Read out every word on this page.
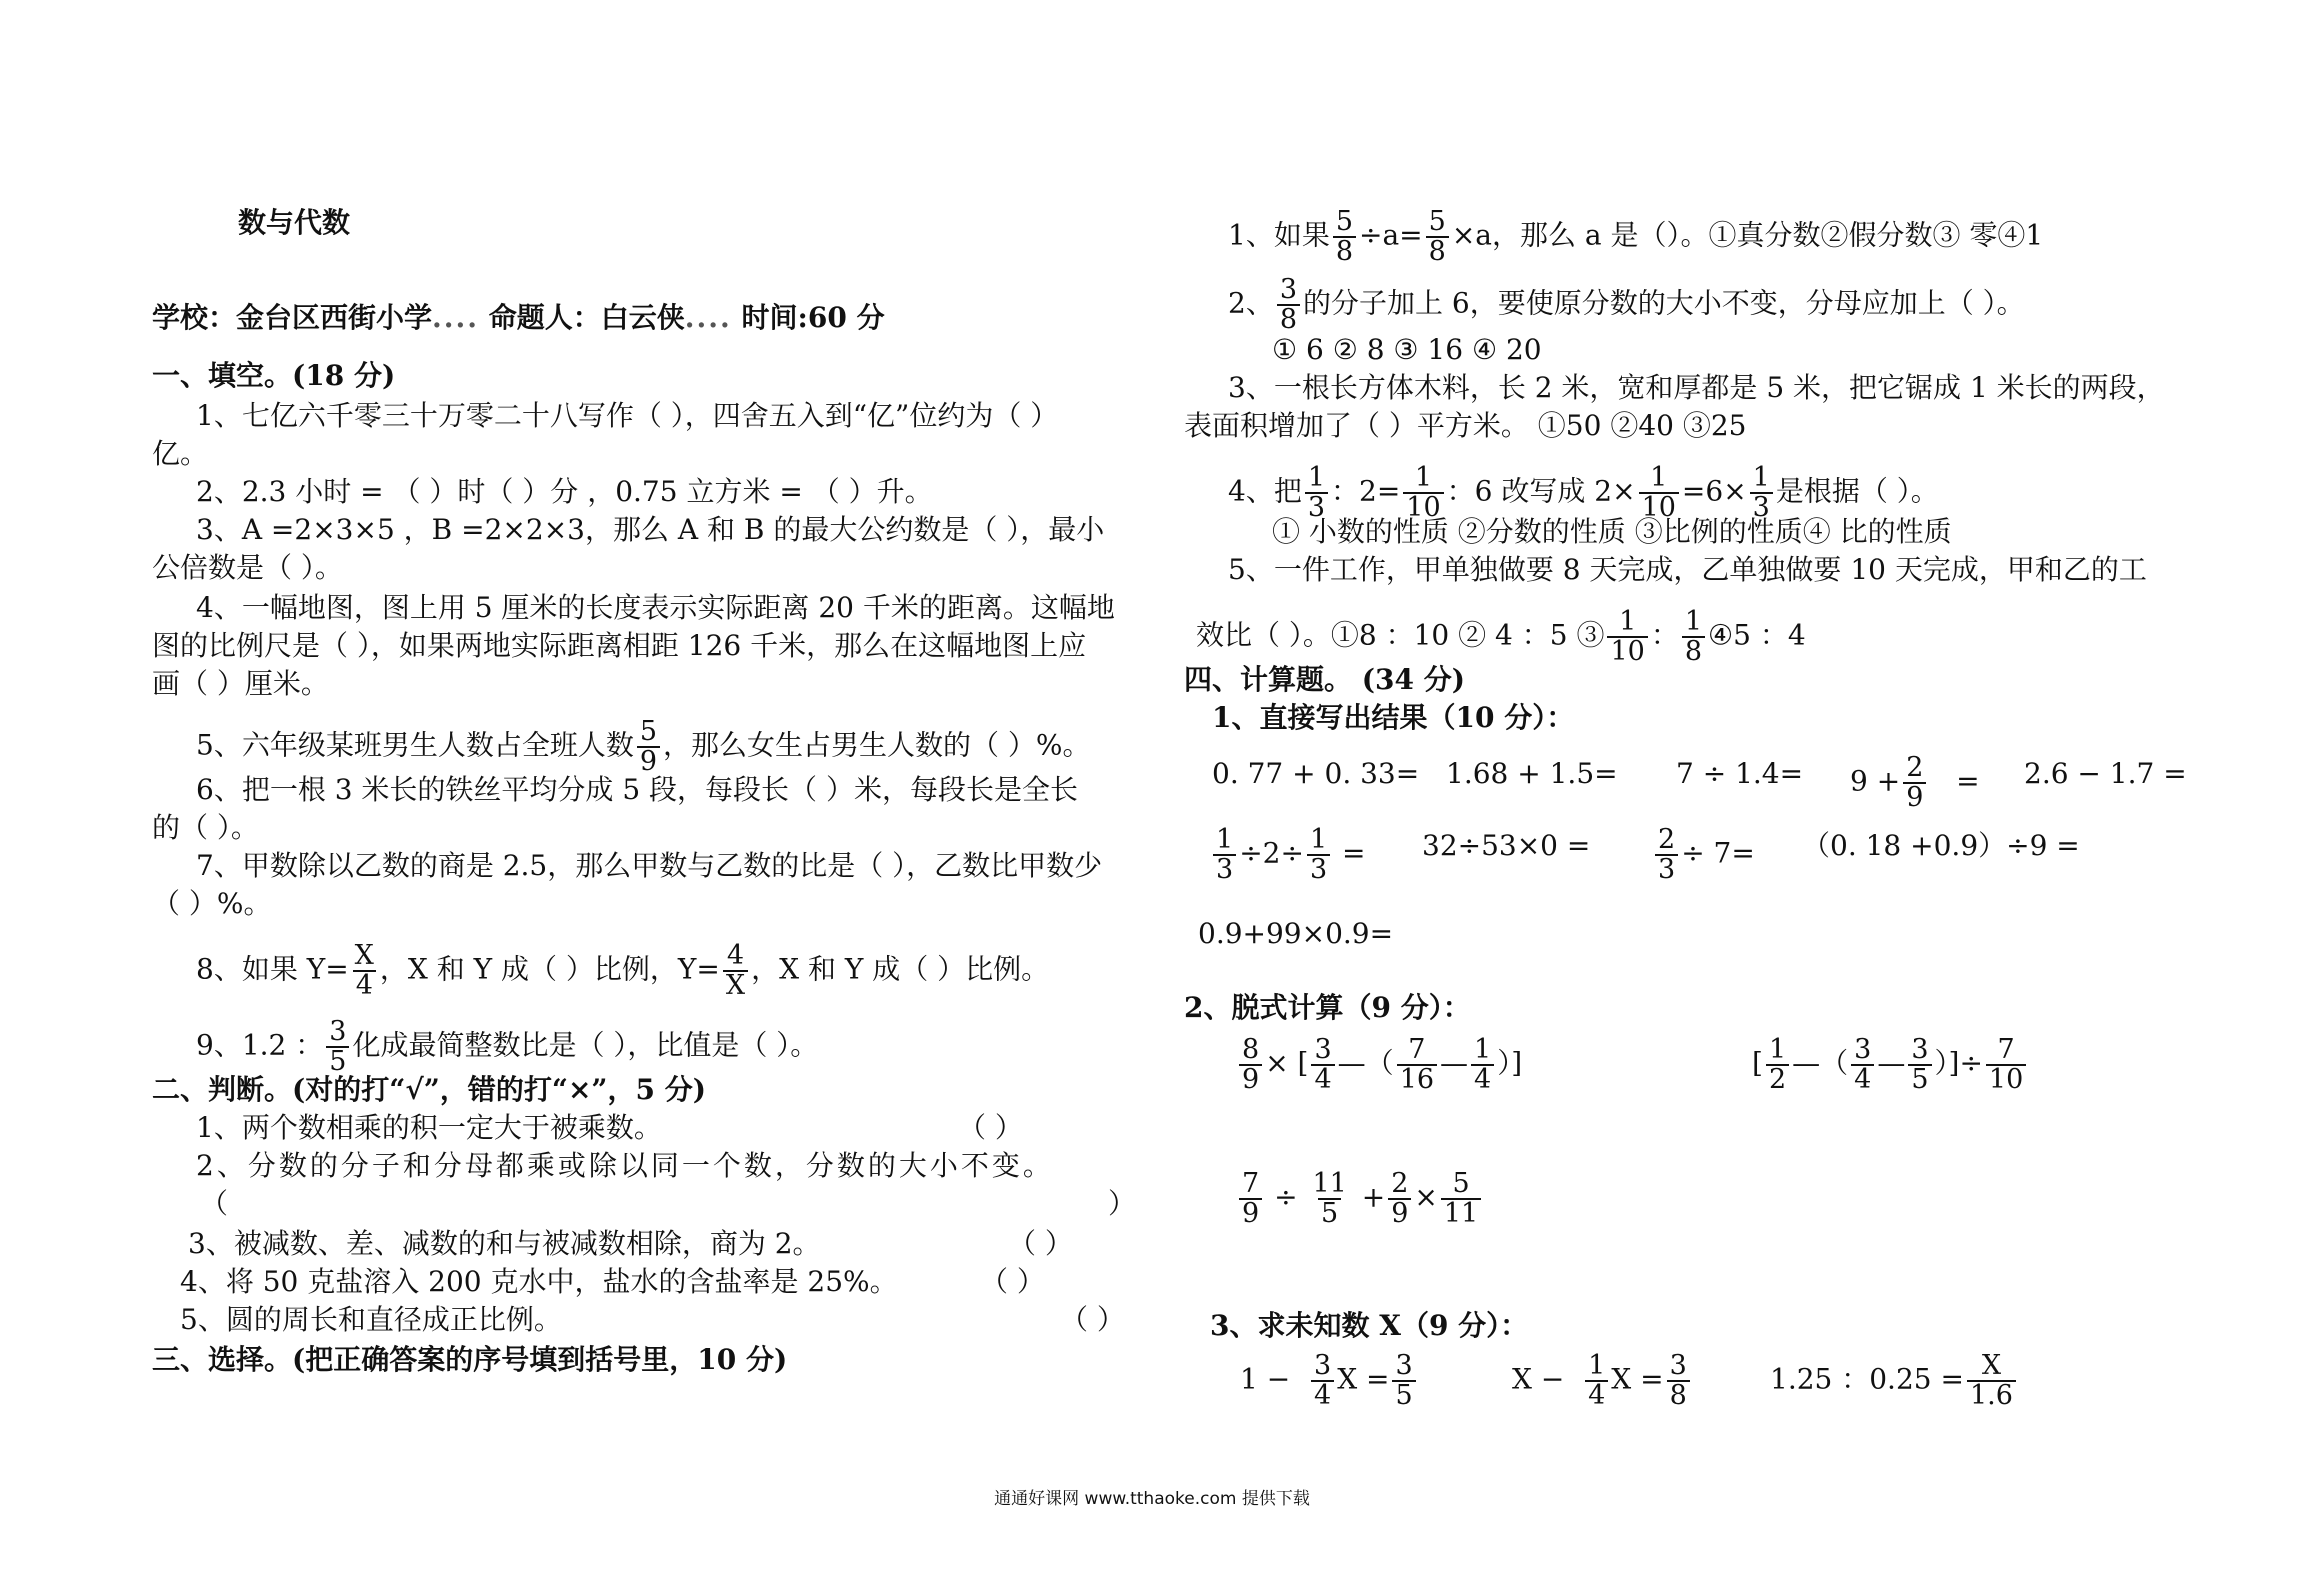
数与代数
学校：金台区西街小学.... 命题人：白云侠.... 时间:60 分
一、填空。(18 分)
1、七亿六千零三十万零二十八写作（ ），四舍五入到“亿”位约为（ ）
亿。
2、2.3 小时 = （ ）时（ ）分 ，0.75 立方米 = （ ）升。
3、A =2×3×5 ，B =2×2×3，那么 A 和 B 的最大公约数是（ ），最小
公倍数是（ ）。
4、一幅地图，图上用 5 厘米的长度表示实际距离 20 千米的距离。这幅地
图的比例尺是（ ），如果两地实际距离相距 126 千米，那么在这幅地图上应
画（ ）厘米。
5、六年级某班男生人数占全班人数 $\frac{5}{9}$ ，那么女生占男生人数的（ ）%。
6、把一根 3 米长的铁丝平均分成 5 段，每段长（ ）米，每段长是全长
的（ ）。
7、甲数除以乙数的商是 2.5，那么甲数与乙数的比是（ ），乙数比甲数少
（ ）%。
8、如果 $Y= \frac{X}{4}$ ，X 和 Y 成（ ）比例，$Y= \frac{4}{X}$ ，X 和 Y 成（ ）比例。
9、1.2 ： $\frac{3}{5}$ 化成最简整数比是（ ），比值是（ ）。
二、判断。(对的打“√”，错的打“×”，5 分)
1、两个数相乘的积一定大于被乘数。	（ ）
2、分数的分子和分母都乘或除以同一个数，分数的大小不变。
（	）
3、被减数、差、减数的和与被减数相除，商为 2。	（ ）
4、将 50 克盐溶入 200 克水中，盐水的含盐率是 25%。	（ ）
5、圆的周长和直径成正比例。	（ ）
三、选择。(把正确答案的序号填到括号里，10 分)
1、如果 $\frac{5}{8} \div a= \frac{5}{8} \times a$，那么 a 是（）。①真分数②假分数③ 零④1
2、 $\frac{3}{8}$ 的分子加上 6，要使原分数的大小不变，分母应加上（ ）。
① 6 ② 8 ③ 16 ④ 20
3、一根长方体木料，长 2 米，宽和厚都是 5 米，把它锯成 1 米长的两段，
表面积增加了（ ）平方米。 ①50 ②40 ③25
4、把 $\frac{1}{3}$ ：$2= \frac{1}{10}$ ：6 改写成 $2\times \frac{1}{10} =6\times \frac{1}{3}$ 是根据（ ）。
① 小数的性质 ②分数的性质 ③比例的性质④ 比的性质
5、一件工作，甲单独做要 8 天完成，乙单独做要 10 天完成，甲和乙的工
效比（ ）。①8 ：10 ② 4 ：5 ③ $\frac{1}{10}$ ： $\frac{1}{8}$ ④5 ：4
四、计算题。 (34 分)
1、直接写出结果（10 分）：
0. 77 + 0. $33= 1.68 + 1.5= 7 \div 1.4= 9 + \frac{2}{9} = 2.6 - 1.7$ =
$\frac{1}{3} \div 2\div \frac{1}{3} = 32\div 53\times 0 = \frac{2}{3} \div 7= (0$. 18 +0.9）÷9 =
0.9+99×0.9=
2、脱式计算（9 分）：
$\frac{8}{9}$ × [ $\frac{3}{4}$ —（ $\frac{7}{16}$ — $\frac{1}{4}$ ）]	[ $\frac{1}{2}$ —（ $\frac{3}{4}$ — $\frac{3}{5}$ ）]÷ $\frac{7}{10}$
$\frac{7}{9} \div \frac{11}{5} + \frac{2}{9} \times \frac{5}{11}$
3、求未知数 X（9 分）：
$1 - \frac{3}{4}$ $X = \frac{3}{5}$	$X - \frac{1}{4}$ $X = \frac{3}{8}$	1.25 ：$0.25 = \frac{X}{1.6}$
通通好课网 www.tthaoke.com 提供下载
